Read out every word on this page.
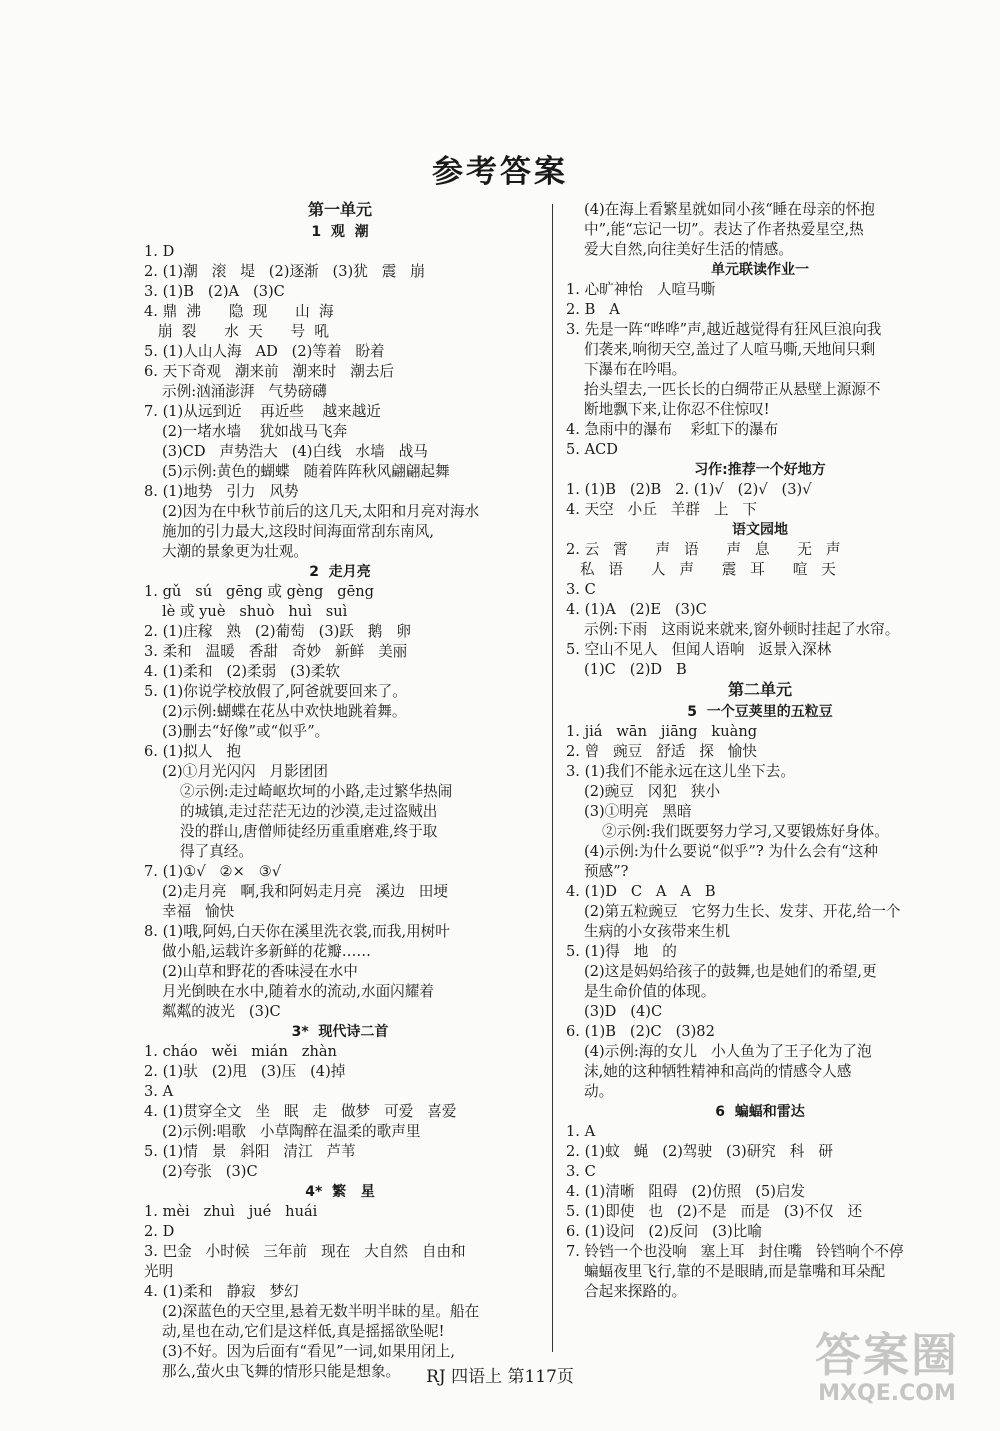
参考答案
第一单元
1  观  潮
1. D
2. (1)潮   滚   堤   (2)逐渐   (3)犹   震   崩
3. (1)B   (2)A   (3)C
4. 鼎  沸      隐  现      山  海
崩  裂      水  天      号  吼
5. (1)人山人海   AD   (2)等着   盼着
6. 天下奇观   潮来前   潮来时   潮去后
示例:汹涌澎湃   气势磅礴
7. (1)从远到近    再近些    越来越近
(2)一堵水墙    犹如战马飞奔
(3)CD   声势浩大   (4)白线   水墙   战马
(5)示例:黄色的蝴蝶   随着阵阵秋风翩翩起舞
8. (1)地势   引力   风势
(2)因为在中秋节前后的这几天,太阳和月亮对海水
施加的引力最大,这段时间海面常刮东南风,
大潮的景象更为壮观。
2  走月亮
1. gǔ   sú   gēng 或 gèng   gēng
lè 或 yuè   shuò   huì   suì
2. (1)庄稼   熟   (2)葡萄   (3)跃   鹅   卵
3. 柔和   温暖   香甜   奇妙   新鲜   美丽
4. (1)柔和   (2)柔弱   (3)柔软
5. (1)你说学校放假了,阿爸就要回来了。
(2)示例:蝴蝶在花丛中欢快地跳着舞。
(3)删去“好像”或“似乎”。
6. (1)拟人   抱
(2)①月光闪闪   月影团团
②示例:走过崎岖坎坷的小路,走过繁华热闹
的城镇,走过茫茫无边的沙漠,走过盗贼出
没的群山,唐僧师徒经历重重磨难,终于取
得了真经。
7. (1)①√   ②×   ③√
(2)走月亮   啊,我和阿妈走月亮   溪边   田埂
幸福   愉快
8. (1)哦,阿妈,白天你在溪里洗衣裳,而我,用树叶
做小船,运载许多新鲜的花瓣……
(2)山草和野花的香味浸在水中
月光倒映在水中,随着水的流动,水面闪耀着
粼粼的波光   (3)C
3*  现代诗二首
1. cháo   wěi   mián   zhàn
2. (1)驮   (2)甩   (3)压   (4)掉
3. A
4. (1)贯穿全文   坐   眠   走   做梦   可爱   喜爱
(2)示例:唱歌   小草陶醉在温柔的歌声里
5. (1)情   景   斜阳   清江   芦苇
(2)夸张   (3)C
4*  繁   星
1. mèi   zhuì   jué   huái
2. D
3. 巴金   小时候   三年前   现在   大自然   自由和
光明
4. (1)柔和   静寂   梦幻
(2)深蓝色的天空里,悬着无数半明半昧的星。船在
动,星也在动,它们是这样低,真是摇摇欲坠呢!
(3)不好。因为后面有“看见”一词,如果用闭上,
那么,萤火虫飞舞的情形只能是想象。
(4)在海上看繁星就如同小孩“睡在母亲的怀抱
中”,能“忘记一切”。表达了作者热爱星空,热
爱大自然,向往美好生活的情感。
单元联读作业一
1. 心旷神怡   人喧马嘶
2. B   A
3. 先是一阵“哗哗”声,越近越觉得有狂风巨浪向我
们袭来,响彻天空,盖过了人喧马嘶,天地间只剩
下瀑布在吟唱。
抬头望去,一匹长长的白绸带正从悬壁上源源不
断地飘下来,让你忍不住惊叹!
4. 急雨中的瀑布    彩虹下的瀑布
5. ACD
习作:推荐一个好地方
1. (1)B   (2)B   2. (1)√   (2)√   (3)√
4. 天空   小丘   羊群   上   下
语文园地
2. 云   霄      声   语      声   息      无   声
私   语      人   声      震   耳      喧   天
3. C
4. (1)A   (2)E   (3)C
示例:下雨   这雨说来就来,窗外顿时挂起了水帘。
5. 空山不见人   但闻人语响   返景入深林
(1)C   (2)D   B
第二单元
5  一个豆荚里的五粒豆
1. jiá   wān   jiāng   kuàng
2. 曾   豌豆   舒适   探   愉快
3. (1)我们不能永远在这儿坐下去。
(2)豌豆   冈犯   狭小
(3)①明亮   黑暗
②示例:我们既要努力学习,又要锻炼好身体。
(4)示例:为什么要说“似乎”? 为什么会有“这种
预感”?
4. (1)D   C   A   A   B
(2)第五粒豌豆   它努力生长、发芽、开花,给一个
生病的小女孩带来生机
5. (1)得   地   的
(2)这是妈妈给孩子的鼓舞,也是她们的希望,更
是生命价值的体现。
(3)D   (4)C
6. (1)B   (2)C   (3)82
(4)示例:海的女儿   小人鱼为了王子化为了泡
沫,她的这种牺牲精神和高尚的情感令人感
动。
6  蝙蝠和雷达
1. A
2. (1)蚊   蝇   (2)驾驶   (3)研究   科   研
3. C
4. (1)清晰   阻碍   (2)仿照   (5)启发
5. (1)即使   也   (2)不是   而是   (3)不仅   还
6. (1)设问   (2)反问   (3)比喻
7. 铃铛一个也没响   塞上耳   封住嘴   铃铛响个不停
蝙蝠夜里飞行,靠的不是眼睛,而是靠嘴和耳朵配
合起来探路的。
RJ 四语上 第117页	答案圈
MXQE.COM
